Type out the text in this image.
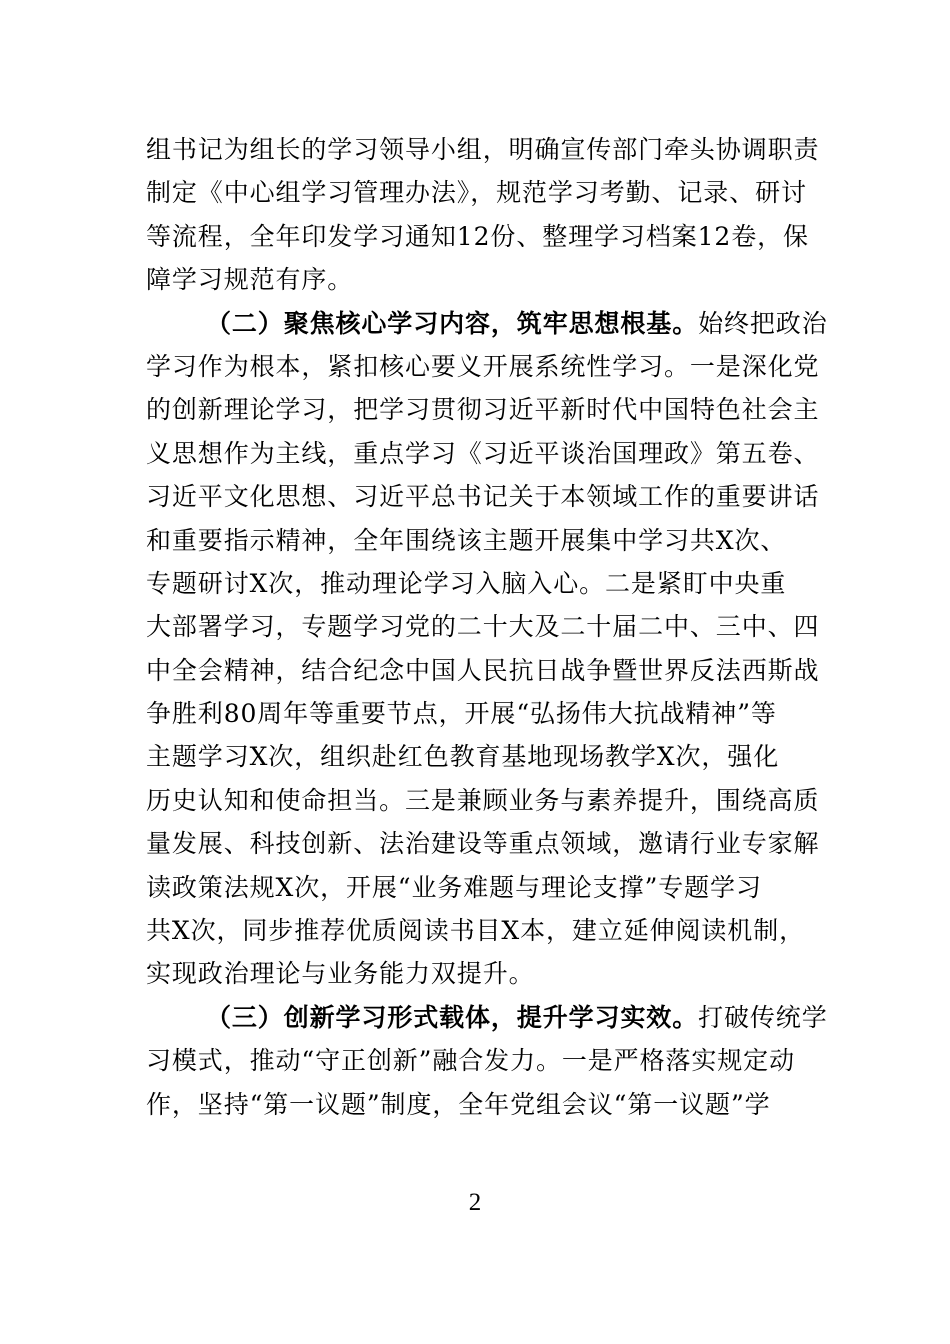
组书记为组长的学习领导小组，明确宣传部门牵头协调职责
制定《中心组学习管理办法》，规范学习考勤、记录、研讨
等流程，全年印发学习通知12份、整理学习档案12卷，保
障学习规范有序。
（二）聚焦核心学习内容，筑牢思想根基。始终把政治
学习作为根本，紧扣核心要义开展系统性学习。一是深化党
的创新理论学习，把学习贯彻习近平新时代中国特色社会主
义思想作为主线，重点学习《习近平谈治国理政》第五卷、
习近平文化思想、习近平总书记关于本领域工作的重要讲话
和重要指示精神，全年围绕该主题开展集中学习共X次、
专题研讨X次，推动理论学习入脑入心。二是紧盯中央重
大部署学习，专题学习党的二十大及二十届二中、三中、四
中全会精神，结合纪念中国人民抗日战争暨世界反法西斯战
争胜利80周年等重要节点，开展“弘扬伟大抗战精神”等
主题学习X次，组织赴红色教育基地现场教学X次，强化
历史认知和使命担当。三是兼顾业务与素养提升，围绕高质
量发展、科技创新、法治建设等重点领域，邀请行业专家解
读政策法规X次，开展“业务难题与理论支撑”专题学习
共X次，同步推荐优质阅读书目X本，建立延伸阅读机制，
实现政治理论与业务能力双提升。
（三）创新学习形式载体，提升学习实效。打破传统学
习模式，推动“守正创新”融合发力。一是严格落实规定动
作，坚持“第一议题”制度，全年党组会议“第一议题”学
2
